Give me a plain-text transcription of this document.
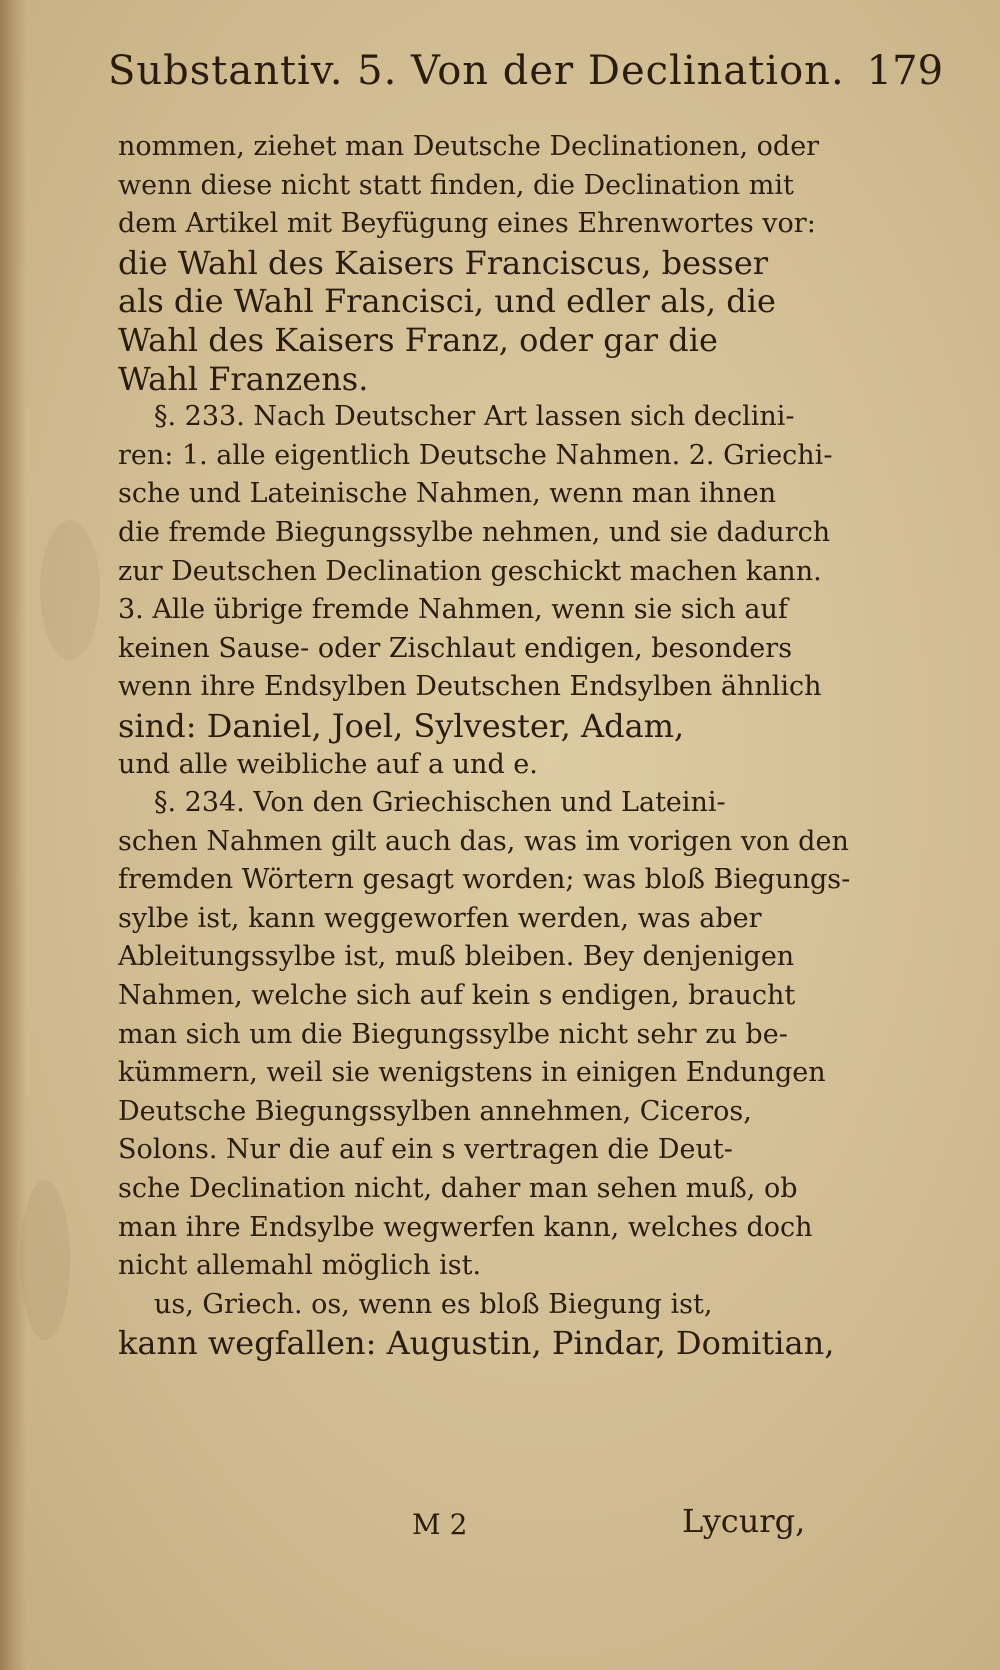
Substantiv. 5. Von der Declination. 179
nommen, ziehet man Deutsche Declinationen, oder
wenn diese nicht statt finden, die Declination mit
dem Artikel mit Beyfügung eines Ehrenwortes vor:
die Wahl des Kaisers Franciscus, besser
als die Wahl Francisci, und edler als, die
Wahl des Kaisers Franz, oder gar die
Wahl Franzens.
§. 233. Nach Deutscher Art lassen sich declini-
ren: 1. alle eigentlich Deutsche Nahmen. 2. Griechi-
sche und Lateinische Nahmen, wenn man ihnen
die fremde Biegungssylbe nehmen, und sie dadurch
zur Deutschen Declination geschickt machen kann.
3. Alle übrige fremde Nahmen, wenn sie sich auf
keinen Sause- oder Zischlaut endigen, besonders
wenn ihre Endsylben Deutschen Endsylben ähnlich
sind: Daniel, Joel, Sylvester, Adam,
und alle weibliche auf a und e.
§. 234. Von den Griechischen und Lateini-
schen Nahmen gilt auch das, was im vorigen von den
fremden Wörtern gesagt worden; was bloß Biegungs-
sylbe ist, kann weggeworfen werden, was aber
Ableitungssylbe ist, muß bleiben. Bey denjenigen
Nahmen, welche sich auf kein s endigen, braucht
man sich um die Biegungssylbe nicht sehr zu be-
kümmern, weil sie wenigstens in einigen Endungen
Deutsche Biegungssylben annehmen, Ciceros,
Solons. Nur die auf ein s vertragen die Deut-
sche Declination nicht, daher man sehen muß, ob
man ihre Endsylbe wegwerfen kann, welches doch
nicht allemahl möglich ist.
us, Griech. os, wenn es bloß Biegung ist,
kann wegfallen: Augustin, Pindar, Domitian,
M 2	Lycurg,
